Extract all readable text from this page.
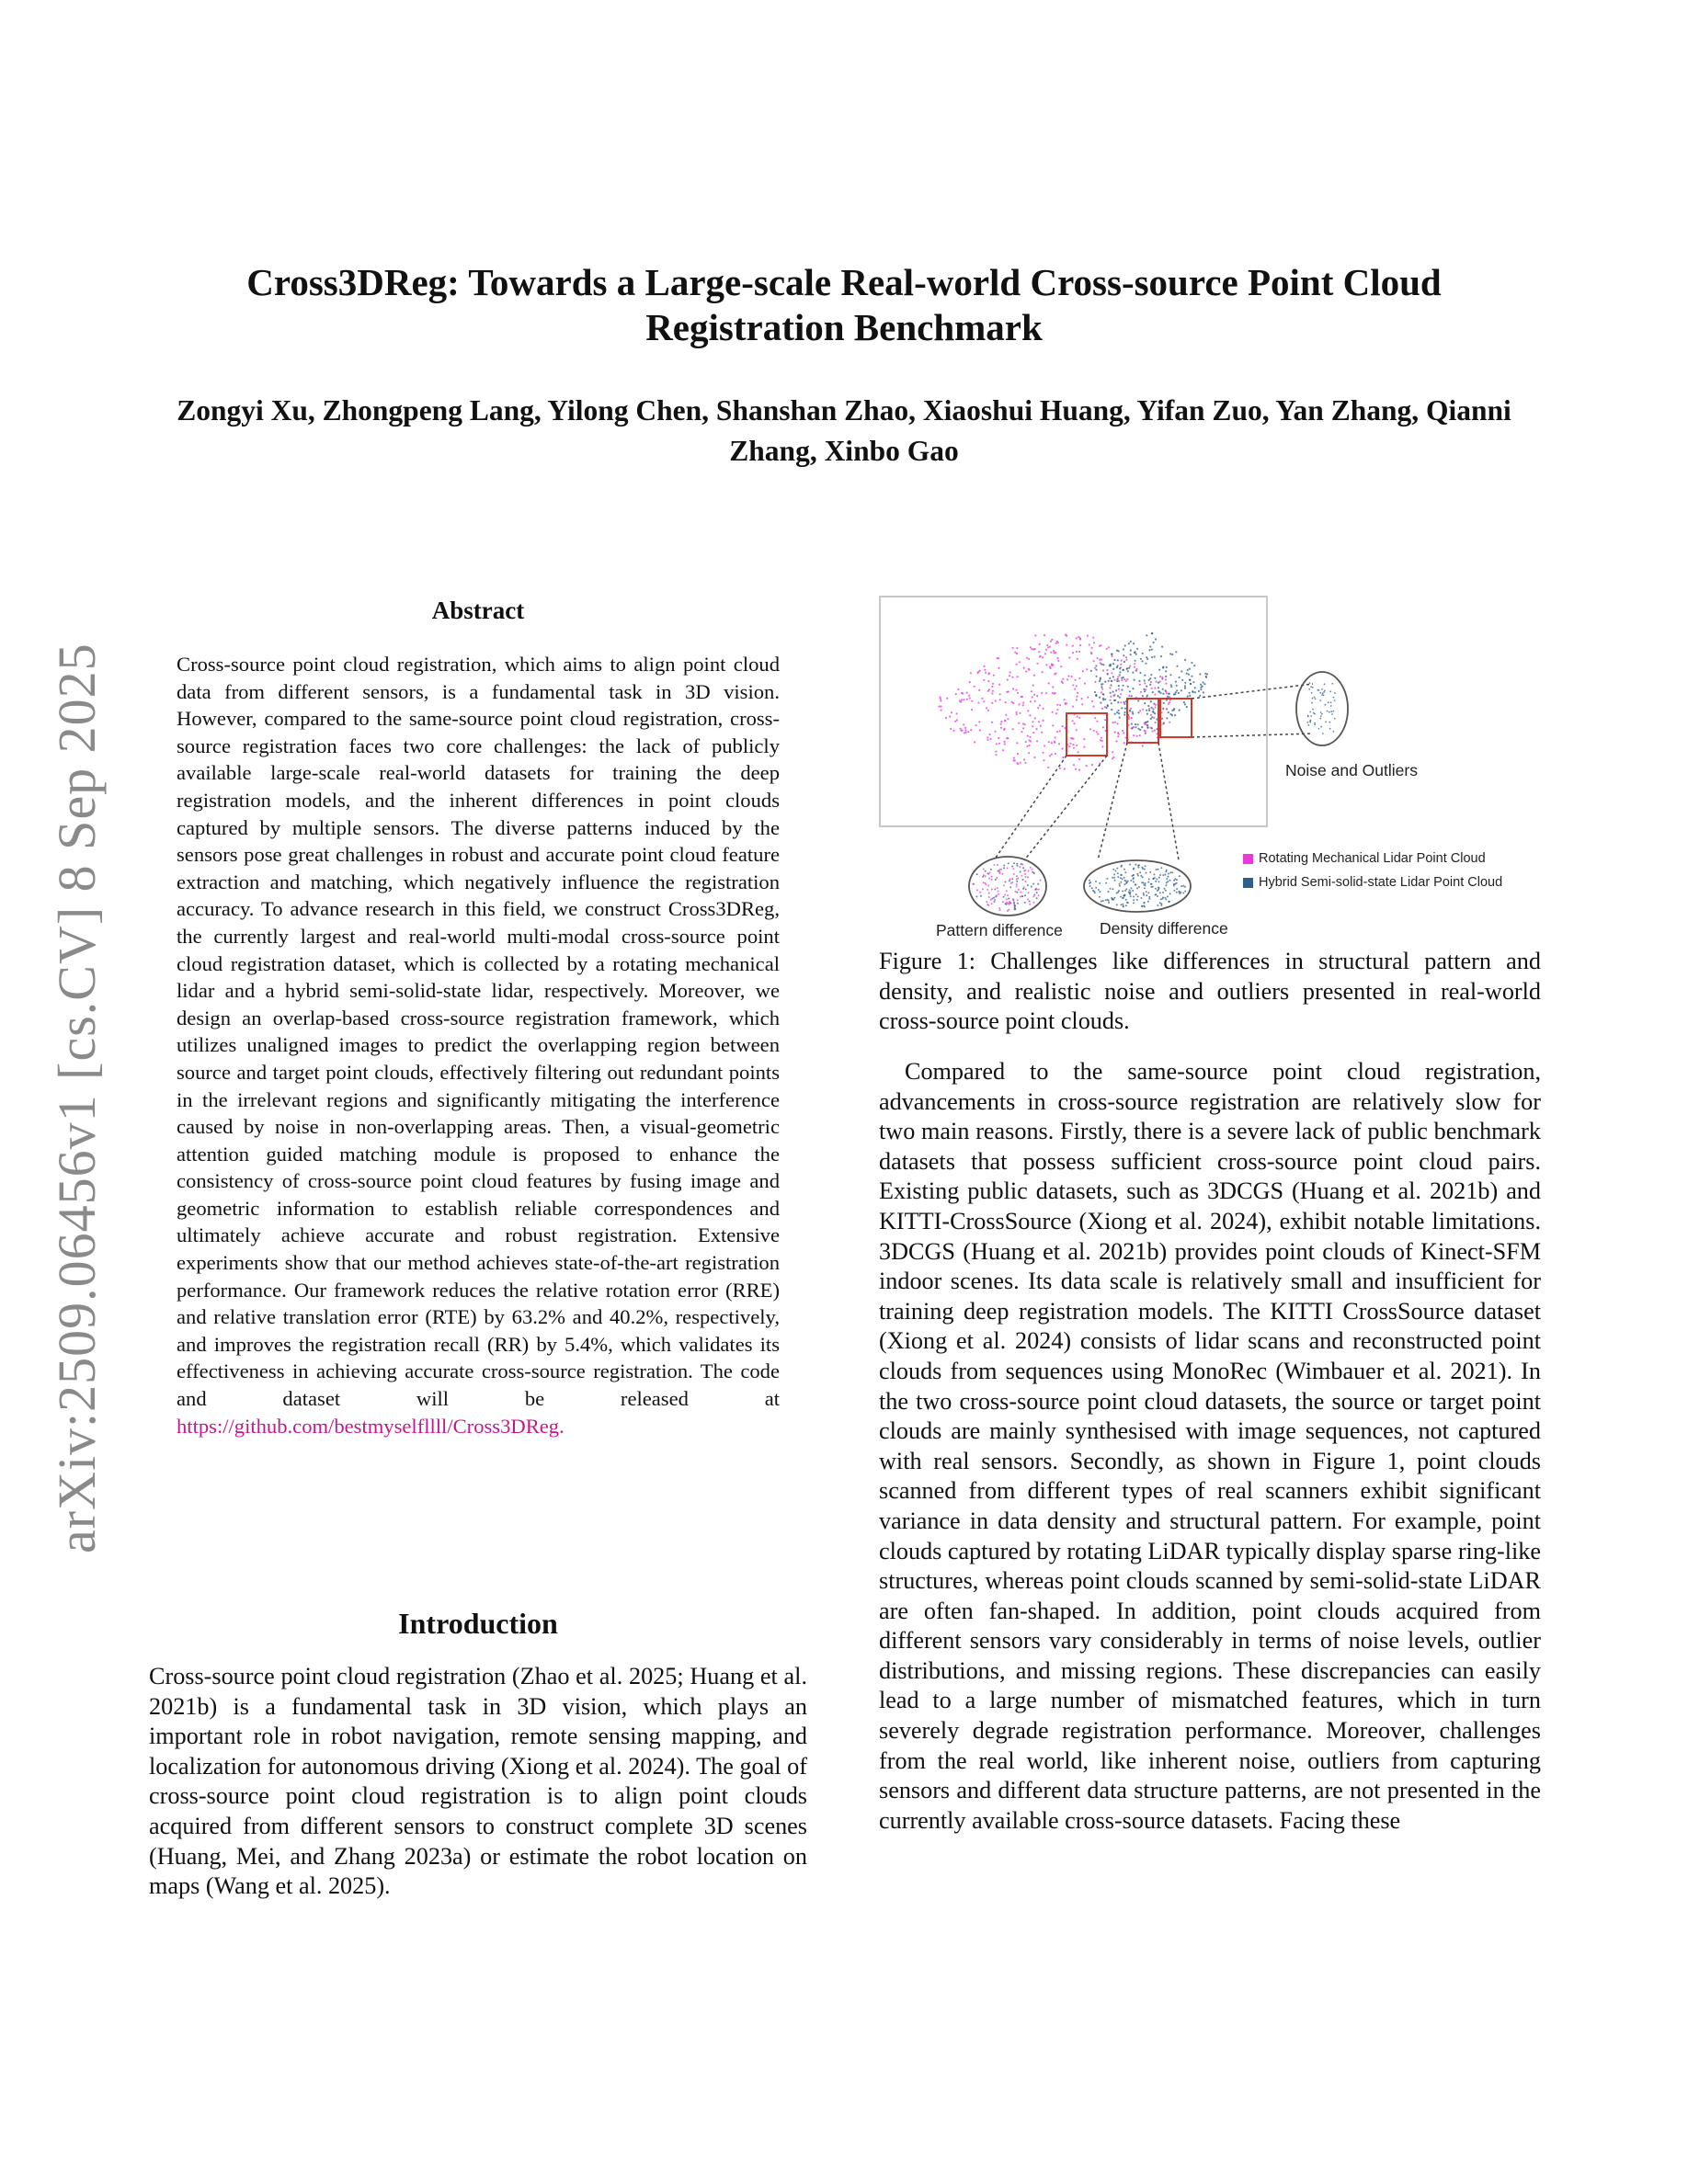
arXiv:2509.06456v1 [cs.CV] 8 Sep 2025
Cross3DReg: Towards a Large-scale Real-world Cross-source Point Cloud Registration Benchmark
Zongyi Xu, Zhongpeng Lang, Yilong Chen, Shanshan Zhao, Xiaoshui Huang, Yifan Zuo, Yan Zhang, Qianni Zhang, Xinbo Gao
Abstract
Cross-source point cloud registration, which aims to align point cloud data from different sensors, is a fundamental task in 3D vision. However, compared to the same-source point cloud registration, cross-source registration faces two core challenges: the lack of publicly available large-scale real-world datasets for training the deep registration models, and the inherent differences in point clouds captured by multiple sensors. The diverse patterns induced by the sensors pose great challenges in robust and accurate point cloud feature extraction and matching, which negatively influence the registration accuracy. To advance research in this field, we construct Cross3DReg, the currently largest and real-world multi-modal cross-source point cloud registration dataset, which is collected by a rotating mechanical lidar and a hybrid semi-solid-state lidar, respectively. Moreover, we design an overlap-based cross-source registration framework, which utilizes unaligned images to predict the overlapping region between source and target point clouds, effectively filtering out redundant points in the irrelevant regions and significantly mitigating the interference caused by noise in non-overlapping areas. Then, a visual-geometric attention guided matching module is proposed to enhance the consistency of cross-source point cloud features by fusing image and geometric information to establish reliable correspondences and ultimately achieve accurate and robust registration. Extensive experiments show that our method achieves state-of-the-art registration performance. Our framework reduces the relative rotation error (RRE) and relative translation error (RTE) by 63.2% and 40.2%, respectively, and improves the registration recall (RR) by 5.4%, which validates its effectiveness in achieving accurate cross-source registration. The code and dataset will be released at https://github.com/bestmyselfllll/Cross3DReg.
Introduction
Cross-source point cloud registration (Zhao et al. 2025; Huang et al. 2021b) is a fundamental task in 3D vision, which plays an important role in robot navigation, remote sensing mapping, and localization for autonomous driving (Xiong et al. 2024). The goal of cross-source point cloud registration is to align point clouds acquired from different sensors to construct complete 3D scenes (Huang, Mei, and Zhang 2023a) or estimate the robot location on maps (Wang et al. 2025).
Noise and Outliers
Pattern difference Density difference
Rotating Mechanical Lidar Point Cloud
Hybrid Semi-solid-state Lidar Point Cloud
Figure 1: Challenges like differences in structural pattern and density, and realistic noise and outliers presented in real-world cross-source point clouds.
Compared to the same-source point cloud registration, advancements in cross-source registration are relatively slow for two main reasons. Firstly, there is a severe lack of public benchmark datasets that possess sufficient cross-source point cloud pairs. Existing public datasets, such as 3DCGS (Huang et al. 2021b) and KITTI-CrossSource (Xiong et al. 2024), exhibit notable limitations. 3DCGS (Huang et al. 2021b) provides point clouds of Kinect-SFM indoor scenes. Its data scale is relatively small and insufficient for training deep registration models. The KITTI CrossSource dataset (Xiong et al. 2024) consists of lidar scans and reconstructed point clouds from sequences using MonoRec (Wimbauer et al. 2021). In the two cross-source point cloud datasets, the source or target point clouds are mainly synthesised with image sequences, not captured with real sensors. Secondly, as shown in Figure 1, point clouds scanned from different types of real scanners exhibit significant variance in data density and structural pattern. For example, point clouds captured by rotating LiDAR typically display sparse ring-like structures, whereas point clouds scanned by semi-solid-state LiDAR are often fan-shaped. In addition, point clouds acquired from different sensors vary considerably in terms of noise levels, outlier distributions, and missing regions. These discrepancies can easily lead to a large number of mismatched features, which in turn severely degrade registration performance. Moreover, challenges from the real world, like inherent noise, outliers from capturing sensors and different data structure patterns, are not presented in the currently available cross-source datasets. Facing these
